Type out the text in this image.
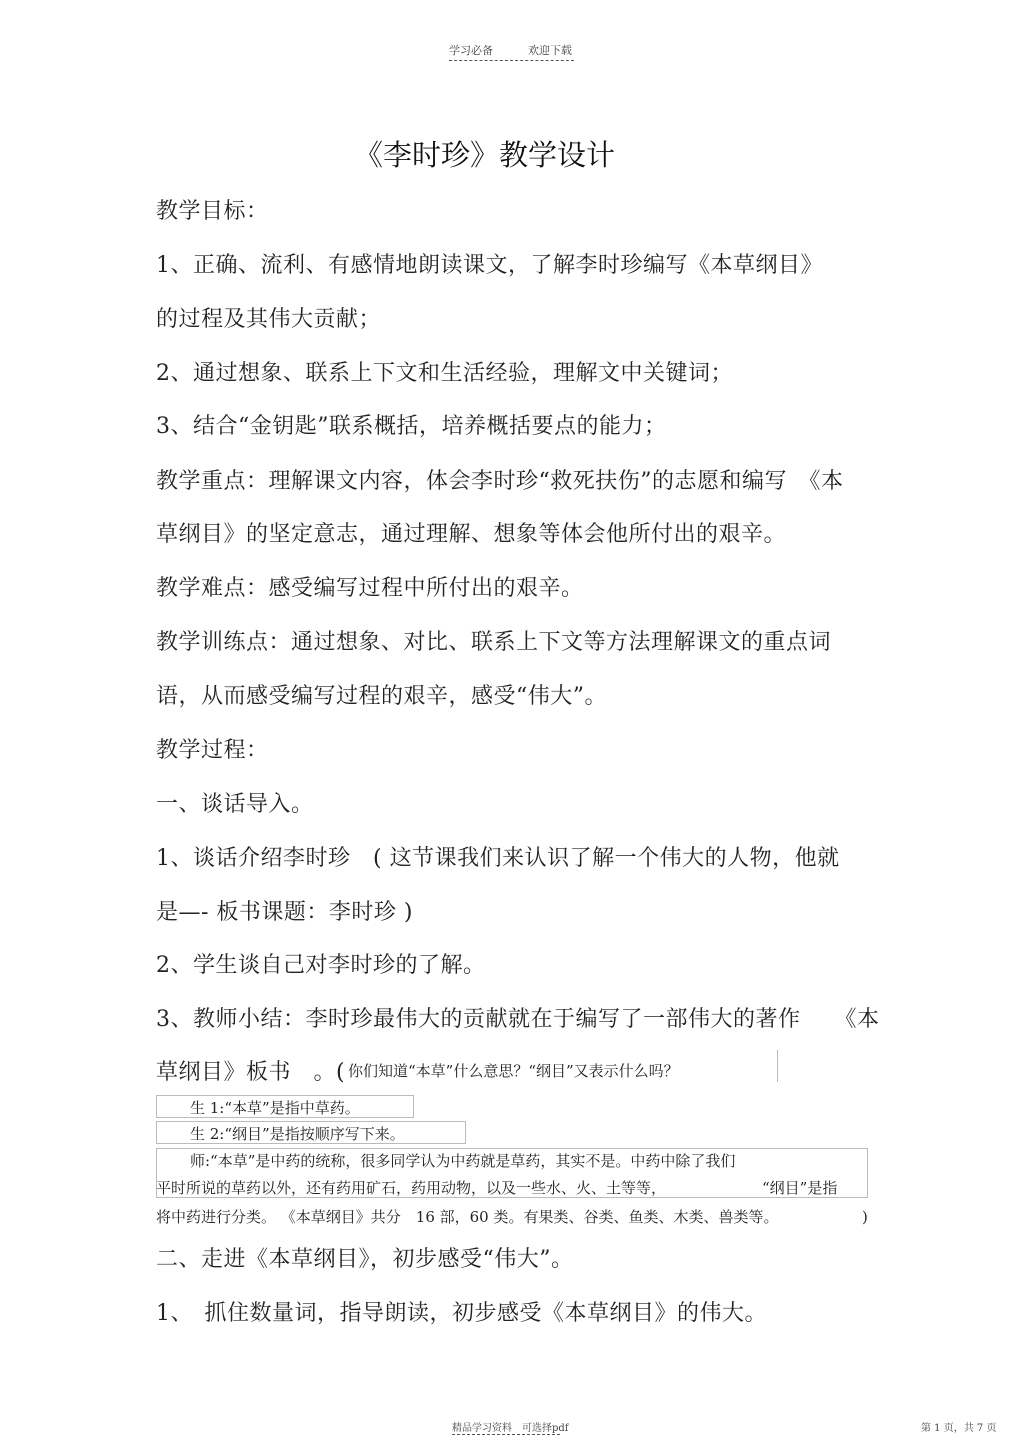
学习必备	欢迎下载
《李时珍》教学设计
教学目标：
1、正确、流利、有感情地朗读课文，了解李时珍编写《本草纲目》
的过程及其伟大贡献；
2、通过想象、联系上下文和生活经验，理解文中关键词；
3、结合“金钥匙”联系概括，培养概括要点的能力；
教学重点：理解课文内容，体会李时珍“救死扶伤”的志愿和编写　《本
草纲目》的坚定意志，通过理解、想象等体会他所付出的艰辛。
教学难点：感受编写过程中所付出的艰辛。
教学训练点：通过想象、对比、联系上下文等方法理解课文的重点词
语，从而感受编写过程的艰辛，感受“伟大”。
教学过程：
一、谈话导入。
1、谈话介绍李时珍　( 这节课我们来认识了解一个伟大的人物，他就
是—- 板书课题：李时珍 )
2、学生谈自己对李时珍的了解。
3、教师小结：李时珍最伟大的贡献就在于编写了一部伟大的著作　　《本
草纲目》板书　。( 你们知道“本草”什么意思？“纲目”又表示什么吗？
生 1:“本草”是指中草药。
生 2:“纲目”是指按顺序写下来。
师:“本草”是中药的统称，很多同学认为中药就是草药，其实不是。中药中除了我们
平时所说的草药以外，还有药用矿石，药用动物，以及一些水、火、土等等，	“纲目”是指
将中药进行分类。 《本草纲目》共分　16 部，60 类。有果类、谷类、鱼类、木类、兽类等。	)
二、走进《本草纲目》，初步感受“伟大”。
1、　抓住数量词，指导朗读，初步感受《本草纲目》的伟大。
精品学习资料　可选择pdf	第 1 页，共 7 页
